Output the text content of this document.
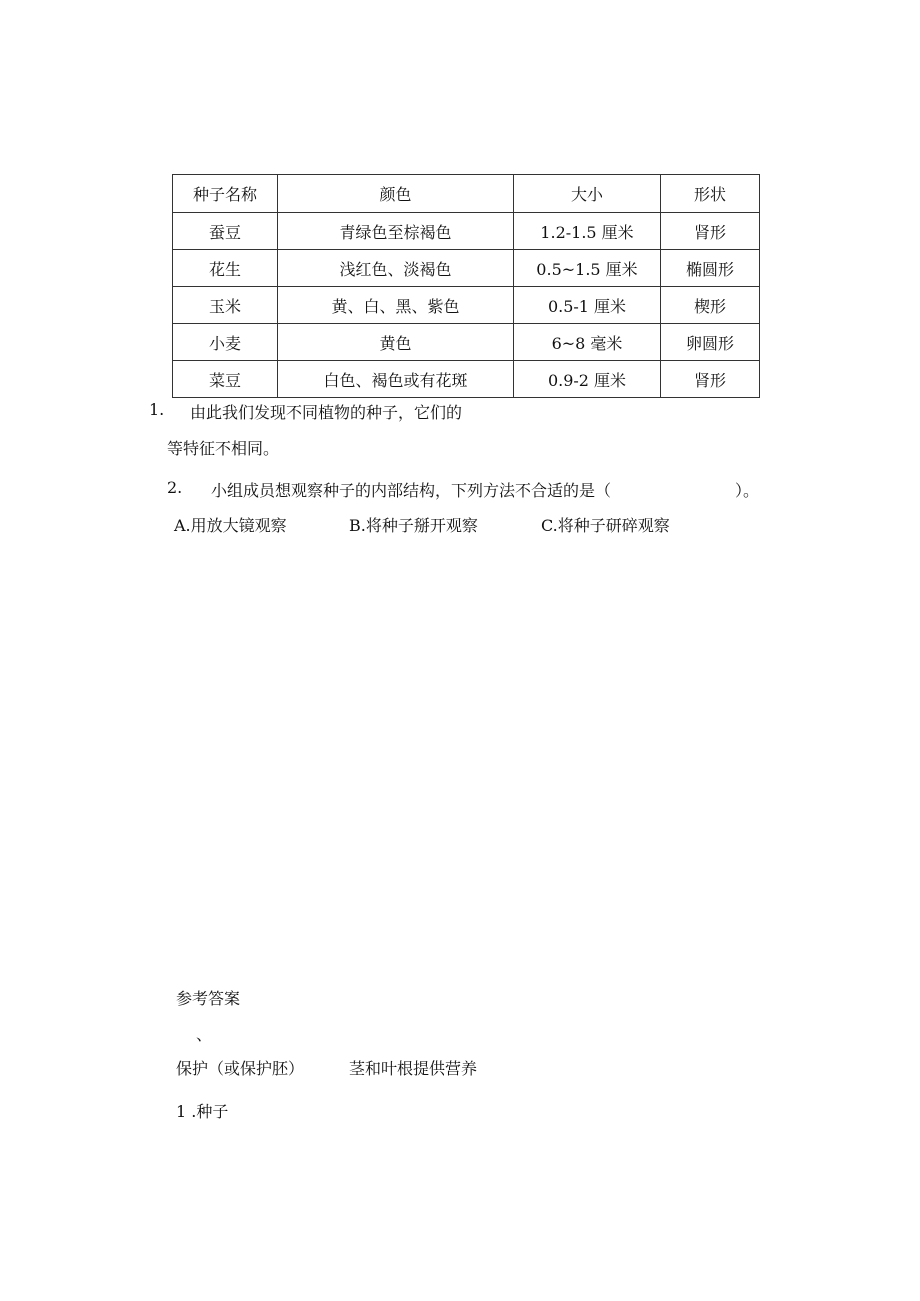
种子名称	颜色	大小	形状
蚕豆	青绿色至棕褐色	1.2-1.5 厘米	肾形
花生	浅红色、淡褐色	0.5~1.5 厘米	椭圆形
玉米	黄、白、黑、紫色	0.5-1 厘米	楔形
小麦	黄色	6~8 毫米	卵圆形
菜豆	白色、褐色或有花斑	0.9-2 厘米	肾形
1. 由此我们发现不同植物的种子，它们的
等特征不相同。
2. 小组成员想观察种子的内部结构，下列方法不合适的是（	）。
A.用放大镜观察	B.将种子掰开观察	C.将种子研碎观察
参考答案
、
保护（或保护胚）	茎和叶根提供营养
1 .种子
